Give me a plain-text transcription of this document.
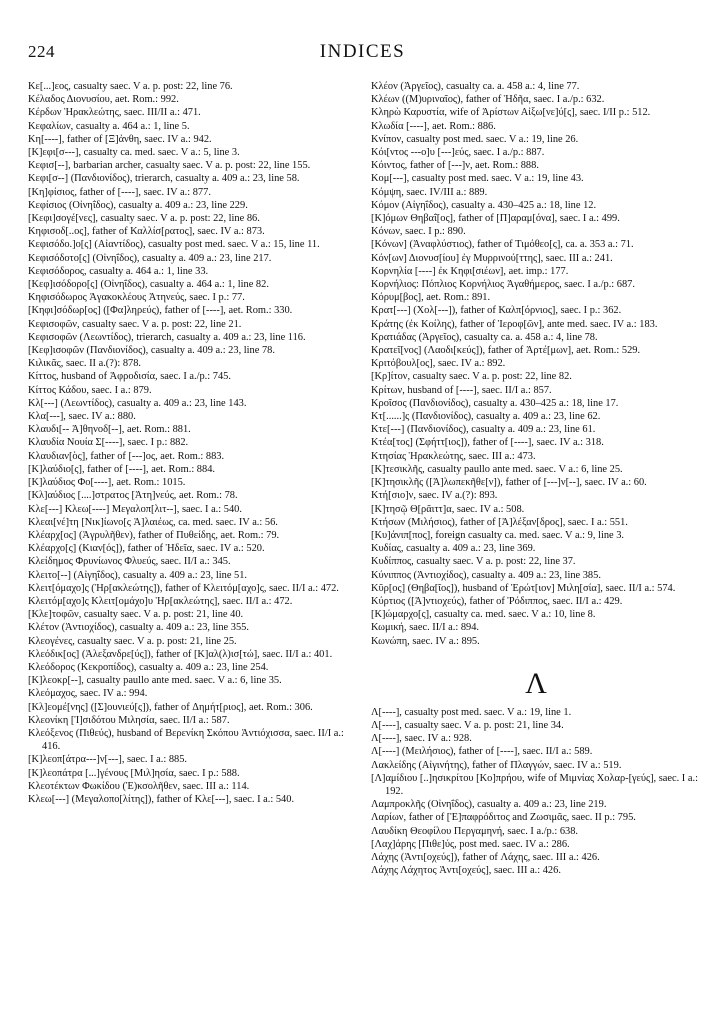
224	INDICES

Κε[...]εος, casualty saec. V a. p. post: 22, line 76.

Κέλαδος Διονυσίου, aet. Rom.: 992.

Κέρδων Ἡρακλεώτης, saec. III/II a.: 471.

Κεφαλίων, casualty a. 464 a.: 1, line 5.

Κη[----], father of [Ξ]ἀνθη, saec. IV a.: 942.

[Κ]εφι[σ---], casualty ca. med. saec. V a.: 5, line 3.

Κεφισ[--], barbarian archer, casualty saec. V a. p. post: 22, line 155.

Κεφι[σ--] (Πανδιονίδος), trierarch, casualty a. 409 a.: 23, line 58.

[Κη]φίσιος, father of [----], saec. IV a.: 877.

Κεφίσιος (Οἰνηΐδος), casualty a. 409 a.: 23, line 229.

[Κεφι]σογέ[νες], casualty saec. V a. p. post: 22, line 86.

Κηφισοδ[..ος], father of Καλλίσ[ρατος], saec. IV a.: 873.

Κεφισόδο.]ο[ς] (Αἰαντίδος), casualty post med. saec. V a.: 15, line 11.

Κεφισόδοτο[ς] (Οἰνηΐδος), casualty a. 409 a.: 23, line 217.

Κεφισόδορος, casualty a. 464 a.: 1, line 33.

[Κεφ]ισόδορο[ς] (Οἰνηΐδος), casualty a. 464 a.: 1, line 82.

Κηφισόδωρος Ἀγακοκλέους Ἀτηνεύς, saec. I p.: 77.

[Κηφι]σόδωρ[ος] ([Φα]ληρεύς), father of [----], aet. Rom.: 330.

Κεφισοφῶν, casualty saec. V a. p. post: 22, line 21.

Κεφισοφῶν (Λεωντίδος), trierarch, casualty a. 409 a.: 23, line 116.

[Κεφ]ισοφῶν (Πανδιονίδος), casualty a. 409 a.: 23, line 78.

Κιλικᾶς, saec. II a.(?): 878.

Κίττος, husband of Ἀφροδισία, saec. I a./p.: 745.

Κίττος Κάδου, saec. I a.: 879.

Κλ[---] (Λεωντίδος), casualty a. 409 a.: 23, line 143.

Κλα[---], saec. IV a.: 880.

Κλαυδι[-- Ἀ]θηνοδ[--], aet. Rom.: 881.

Κλαυδία Νουία Σ[----], saec. I p.: 882.

Κλαυδιαν[ὸς], father of [---]ος, aet. Rom.: 883.

[Κ]λαύδιο[ς], father of [----], aet. Rom.: 884.

[Κ]λαύδιος Φο[----], aet. Rom.: 1015.

[Κλ]αύδιος [....]στρατος [Ἀτη]νεύς, aet. Rom.: 78.

Κλε[---] Κλεω[----] Μεγαλοπ[λιτ--], saec. I a.: 540.

Κλεαι[νέ]τη [Νικ]ίωνο[ς Ἁ]λαιέως, ca. med. saec. IV a.: 56.

Κλέαρχ[ος] (Ἀγρυλῆθεν), father of Πυθείδης, aet. Rom.: 79.

Κλέαρχο[ς] (Κιαν[ός]), father of Ἡδεῖα, saec. IV a.: 520.

Κλείδημος Φρυνίωνος Φλυεύς, saec. II/I a.: 345.

Κλειτο[--] (Αἰγηΐδος), casualty a. 409 a.: 23, line 51.

Κλειτ[όμαχο]ς (Ἡρ[ακλεώτης]), father of Κλειτόμ[αχο]ς, saec. II/I a.: 472.

Κλειτόμ[αχο]ς Κλειτ[ομάχο]υ Ἡρ[ακλεώτης], saec. II/I a.: 472.

[Κλε]τοφῶν, casualty saec. V a. p. post: 21, line 40.

Κλέτον (Ἀντιοχίδος), casualty a. 409 a.: 23, line 355.

Κλεογένες, casualty saec. V a. p. post: 21, line 25.

Κλεόδικ[ος] (Ἀλεξανδρε[ύς]), father of [Κ]αλ(λ)ισ[τώ], saec. II/I a.: 401.

Κλεόδορος (Κεκροπίδος), casualty a. 409 a.: 23, line 254.

[Κ]λεοκρ[--], casualty paullo ante med. saec. V a.: 6, line 35.

Κλεόμαχος, saec. IV a.: 994.

[Κλ]εομέ[νης] ([Σ]ουνιεύ[ς]), father of Δημήτ[ριος], aet. Rom.: 306.

Κλεονίκη [Ἰ]σιδότου Μιλησία, saec. II/I a.: 587.

Κλεόξενος (Πιθεύς), husband of Βερενίκη Σκόπου Ἀντιόχισσα, saec. II/I a.: 416.

[Κ]λεοπ[άτρα---]ν[---], saec. I a.: 885.

[Κ]λεοπάτρα [...]γένους [Μιλ]ησία, saec. I p.: 588.

Κλεοτέκτων Φωκίδου (Ἐ)κσολῆθεν, saec. III a.: 114.

Κλεω[---] (Μεγαλοπο[λίτης]), father of Κλε[---], saec. I a.: 540.

Κλέον (Ἀργεῖος), casualty ca. a. 458 a.: 4, line 77.

Κλέων ((Μ)υριναῖος), father of Ἡδῆα, saec. I a./p.: 632.

Κληρὼ Καρυστία, wife of Ἀρίστων Αἰξω[νε]ύ[ς], saec. I/II p.: 512.

Κλωδία [----], aet. Rom.: 886.

Κνίπον, casualty post med. saec. V a.: 19, line 26.

Κόι[ντος ---ο]υ [---]εύς, saec. I a./p.: 887.

Κόιντος, father of [---]ν, aet. Rom.: 888.

Κομ[---], casualty post med. saec. V a.: 19, line 43.

Κόμψη, saec. IV/III a.: 889.

Κόμον (Αἰγηΐδος), casualty a. 430–425 a.: 18, line 12.

[Κ]όμων Θηβαΐ[ος], father of [Π]αραμ[όνα], saec. I a.: 499.

Κόνων, saec. I p.: 890.

[Κόνων] (Ἀναφλύστιος), father of Τιμόθεο[ς], ca. a. 353 a.: 71.

Κόν[ων] Διονυσ[ίου] ἐγ Μυρρινού[ττης], saec. III a.: 241.

Κορνηλία [----] ἐκ Κηφι[σιέων], aet. imp.: 177.

Κορνήλιος: Πόπλιος Κορνήλιος Ἀγαθήμερος, saec. I a./p.: 687.

Κόρυμ[βος], aet. Rom.: 891.

Κρατ[---] (Χολ[---]), father of Καλπ[όρνιος], saec. I p.: 362.

Κράτης (ἐκ Κοίλης), father of Ἱεροφ[ῶν], ante med. saec. IV a.: 183.

Κρατιάδας (Ἀργεῖος), casualty ca. a. 458 a.: 4, line 78.

Κρατεῖ[νος] (Λαοδι[κεύς]), father of Ἀρτέ[μων], aet. Rom.: 529.

Κριτόβουλ[ος], saec. IV a.: 892.

[Κρ]ίτον, casualty saec. V a. p. post: 22, line 82.

Κρίτων, husband of [----], saec. II/I a.: 857.

Κροῖσος (Πανδιονίδος), casualty a. 430–425 a.: 18, line 17.

Κτ[......]ς (Πανδιονίδος), casualty a. 409 a.: 23, line 62.

Κτε[---] (Πανδιονίδος), casualty a. 409 a.: 23, line 61.

Κτέα[τος] (Σφήττ[ιος]), father of [----], saec. IV a.: 318.

Κτησίας Ἡρακλεώτης, saec. III a.: 473.

[Κ]τεσικλῆς, casualty paullo ante med. saec. V a.: 6, line 25.

[Κ]τησικλῆς ([Ἀ]λωπεκῆθε[ν]), father of [---]ν[--], saec. IV a.: 60.

Κτή[σιο]ν, saec. IV a.(?): 893.

[Κ]τησῷ Θ[ρᾶιττ]α, saec. IV a.: 508.

Κτήσων (Μιλήσιος), father of [Ἀ]λέξαν[δρος], saec. I a.: 551.

[Κυ]άνιπ[πος], foreign casualty ca. med. saec. V a.: 9, line 3.

Κυδίας, casualty a. 409 a.: 23, line 369.

Κυδίππος, casualty saec. V a. p. post: 22, line 37.

Κύνιππος (Ἀντιοχίδος), casualty a. 409 a.: 23, line 385.

Κῦρ[ος] (Θηβα[ῖος]), husband of Ἐρώτ[ιον] Μιλη[σία], saec. II/I a.: 574.

Κύρτιος ([Ἀ]ντιοχεύς), father of Ῥόδιππος, saec. II/I a.: 429.

[Κ]ώμαρχο[ς], casualty ca. med. saec. V a.: 10, line 8.

Κωμική, saec. II/I a.: 894.

Κωνώπη, saec. IV a.: 895.

Λ

Λ[----], casualty post med. saec. V a.: 19, line 1.

Λ[----], casualty saec. V a. p. post: 21, line 34.

Λ[----], saec. IV a.: 928.

Λ[----] (Μειλήσιος), father of [----], saec. II/I a.: 589.

Λακλείδης (Αἰγινήτης), father of Πλαγγών, saec. IV a.: 519.

[Λ]αμίδιου [..]ησικρίτου [Κο]πρήου, wife of Μιμνίας Χολαρ-[γεύς], saec. I a.: 192.

Λαμπροκλῆς (Οἰνηΐδος), casualty a. 409 a.: 23, line 219.

Λαρίων, father of [Ἐ]παφρόδιτος and Ζωσιμᾶς, saec. II p.: 795.

Λαυδίκη Θεοφίλου Περγαμηνή, saec. I a./p.: 638.

[Λαχ]άρης [Πιθε]ύς, post med. saec. IV a.: 286.

Λάχης (Ἀντι[οχεύς]), father of Λάχης, saec. III a.: 426.

Λάχης Λάχητος Ἀντι[οχεύς], saec. III a.: 426.
